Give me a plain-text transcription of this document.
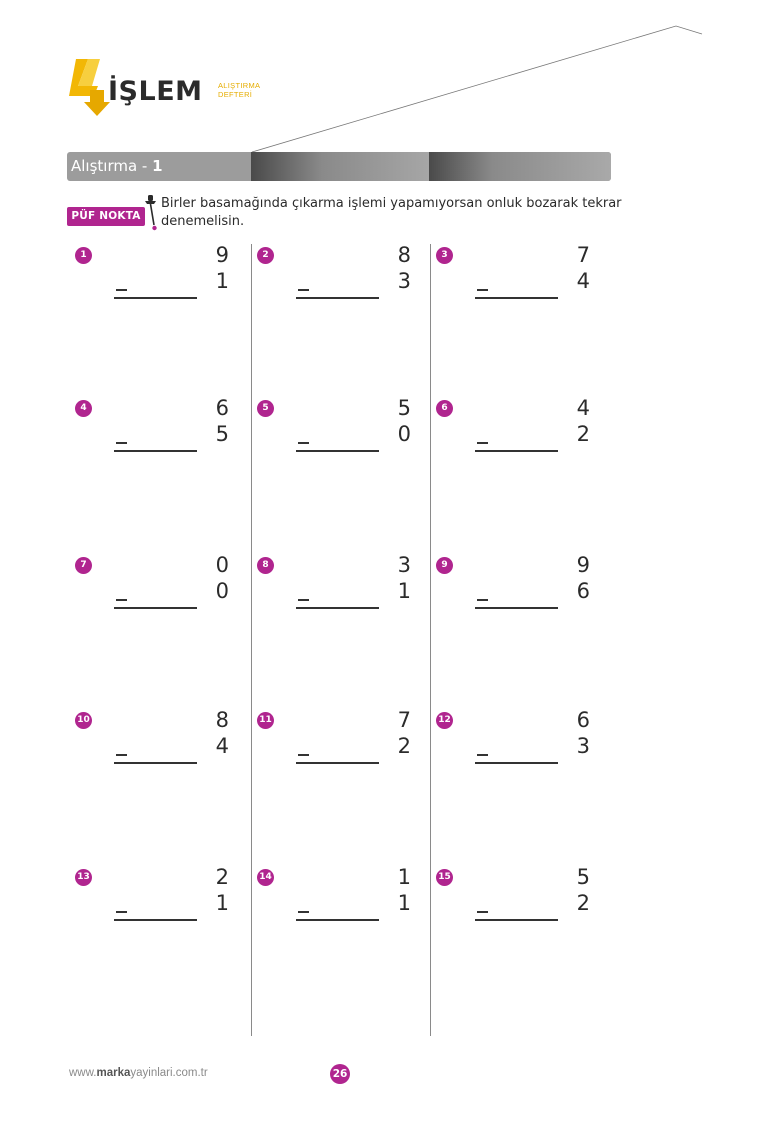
İŞLEM ALIŞTIRMA
DEFTERİ
Alıştırma - 1
PÜF NOKTA
Birler basamağında çıkarma işlemi yapamıyorsan onluk bozarak tekrar denemelisin.
1	9
1
2	8
3
3	7
4
4	6
5
5	5
0
6	4
2
7	0
0
8	3
1
9	9
6
10	8
4
11	7
2
12	6
3
13	2
1
14	1
1
15	5
2
www.markayayinlari.com.tr	26
